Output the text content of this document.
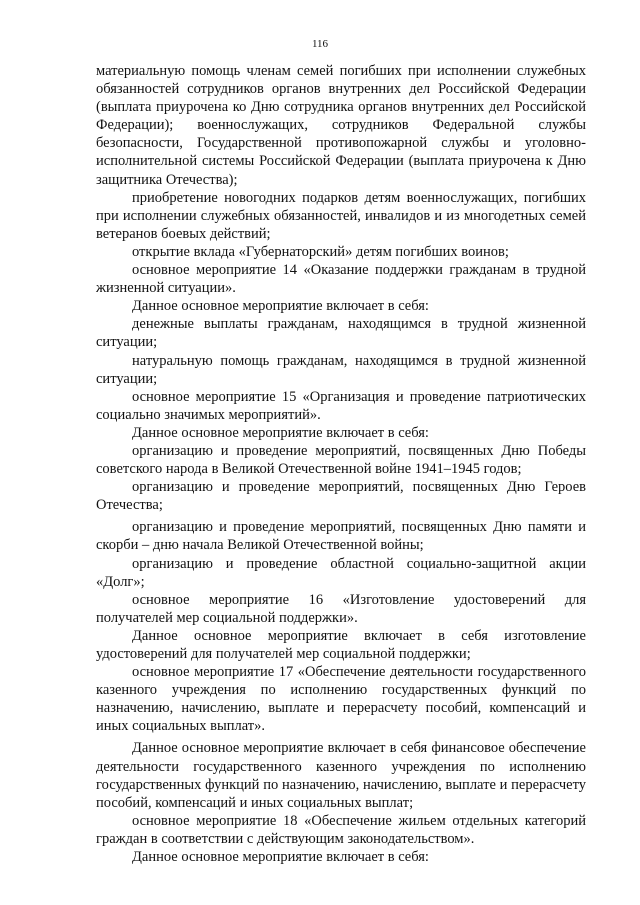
116

материальную помощь членам семей погибших при исполнении служебных обязанностей сотрудников органов внутренних дел Российской Федерации (выплата приурочена ко Дню сотрудника органов внутренних дел Российской Федерации); военнослужащих, сотрудников Федеральной службы безопасности, Государственной противопожарной службы и уголовно-исполнительной системы Российской Федерации (выплата приурочена к Дню защитника Отечества);

приобретение новогодних подарков детям военнослужащих, погибших при исполнении служебных обязанностей, инвалидов и из многодетных семей ветеранов боевых действий;

открытие вклада «Губернаторский» детям погибших воинов;

основное мероприятие 14 «Оказание поддержки гражданам в трудной жизненной ситуации».

Данное основное мероприятие включает в себя:

денежные выплаты гражданам, находящимся в трудной жизненной ситуации;

натуральную помощь гражданам, находящимся в трудной жизненной ситуации;

основное мероприятие 15 «Организация и проведение патриотических социально значимых мероприятий».

Данное основное мероприятие включает в себя:

организацию и проведение мероприятий, посвященных Дню Победы советского народа в Великой Отечественной войне 1941–1945 годов;

организацию и проведение мероприятий, посвященных Дню Героев Отечества;

организацию и проведение мероприятий, посвященных Дню памяти и скорби – дню начала Великой Отечественной войны;

организацию и проведение областной социально-защитной акции «Долг»;

основное мероприятие 16 «Изготовление удостоверений для получателей мер социальной поддержки».

Данное основное мероприятие включает в себя изготовление удостоверений для получателей мер социальной поддержки;

основное мероприятие 17 «Обеспечение деятельности государственного казенного учреждения по исполнению государственных функций по назначению, начислению, выплате и перерасчету пособий, компенсаций и иных социальных выплат».

Данное основное мероприятие включает в себя финансовое обеспечение деятельности государственного казенного учреждения по исполнению государственных функций по назначению, начислению, выплате и перерасчету пособий, компенсаций и иных социальных выплат;

основное мероприятие 18 «Обеспечение жильем отдельных категорий граждан в соответствии с действующим законодательством».

Данное основное мероприятие включает в себя:
